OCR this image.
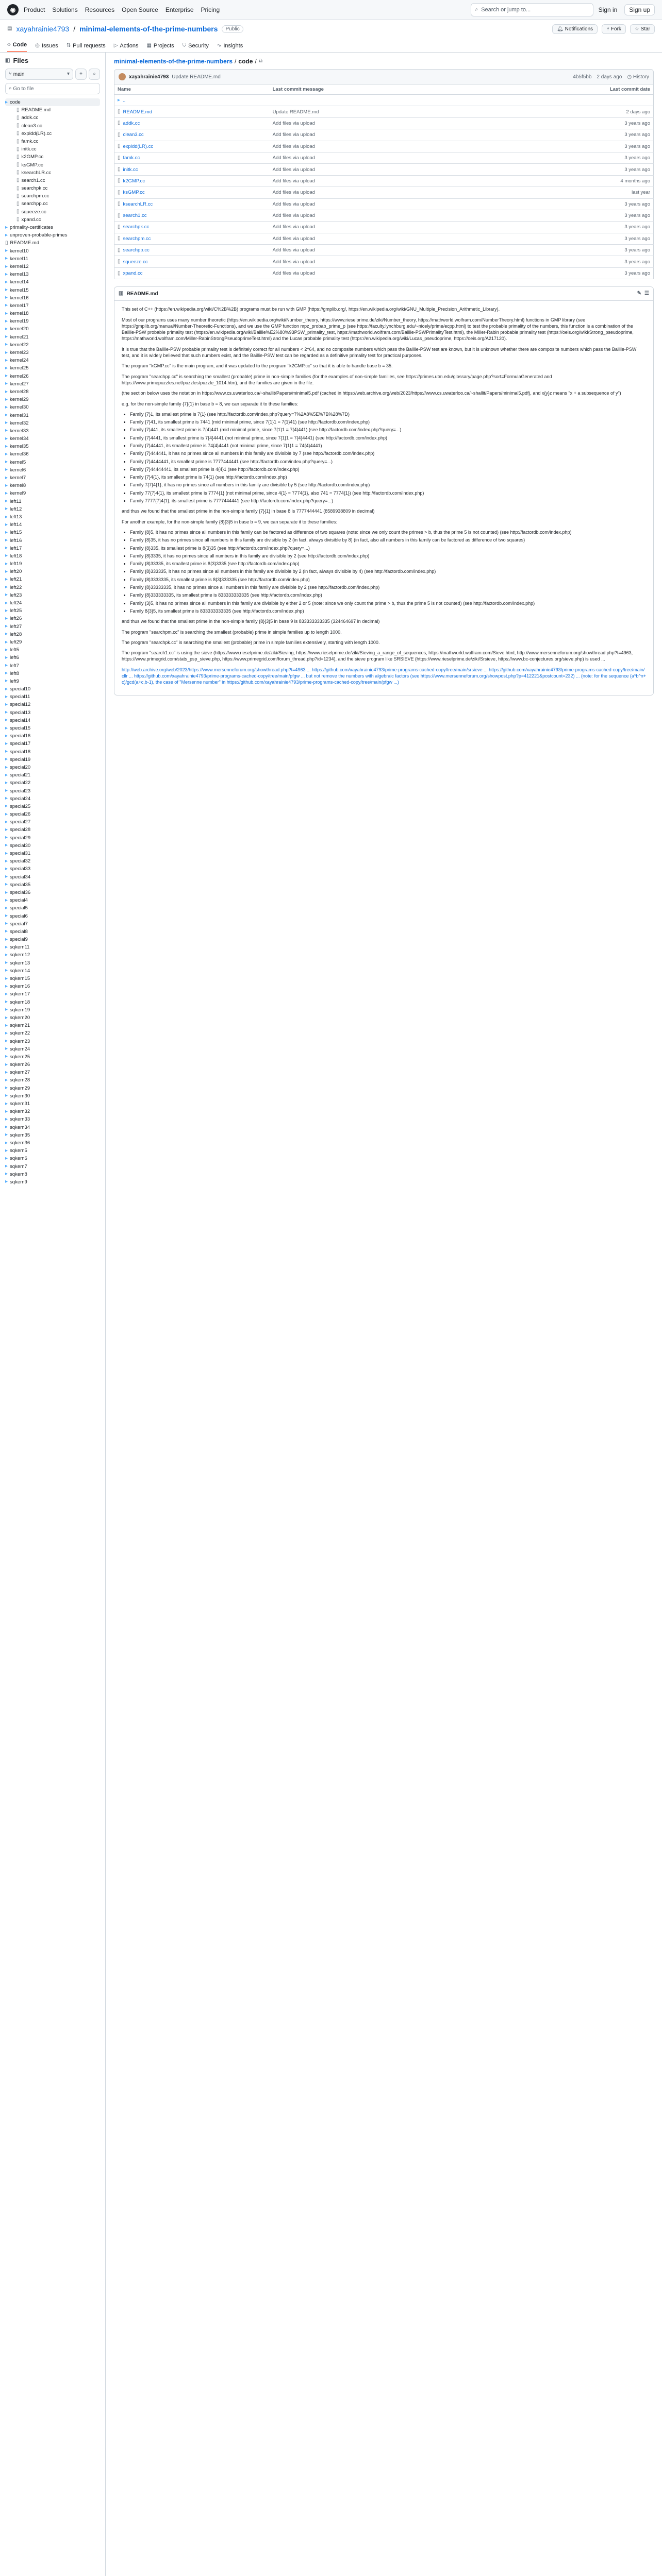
◉	Product Solutions Resources Open Source Enterprise Pricing	⌕ Search or jump to...	Sign in	Sign up
▤ xayahrainie4793 / minimal-elements-of-the-prime-numbers	Public	🔔︎ Notifications	⑂ Fork	☆ Star
‹› Code ◎ Issues ⇅ Pull requests ▷ Actions ▦ Projects ⛉ Security ∿ Insights
◧ Files
⑂
main	▾ + ⌕
⌕
Go to file
▸ code
▯ README.md
▯ addk.cc
▯ clean3.cc
▯ expldd(LR).cc
▯ famk.cc
▯ initk.cc
▯ k2GMP.cc
▯ ksGMP.cc
▯ ksearchLR.cc
▯ search1.cc
▯ searchpk.cc
▯ searchpm.cc
▯ searchpp.cc
▯ squeeze.cc
▯ xpand.cc
▸ primality-certificates
▸ unproven-probable-primes
▯ README.md
▸ kernel10
▸ kernel11
▸ kernel12
▸ kernel13
▸ kernel14
▸ kernel15
▸ kernel16
▸ kernel17
▸ kernel18
▸ kernel19
▸ kernel20
▸ kernel21
▸ kernel22
▸ kernel23
▸ kernel24
▸ kernel25
▸ kernel26
▸ kernel27
▸ kernel28
▸ kernel29
▸ kernel30
▸ kernel31
▸ kernel32
▸ kernel33
▸ kernel34
▸ kernel35
▸ kernel36
▸ kernel5
▸ kernel6
▸ kernel7
▸ kernel8
▸ kernel9
▸ left11
▸ left12
▸ left13
▸ left14
▸ left15
▸ left16
▸ left17
▸ left18
▸ left19
▸ left20
▸ left21
▸ left22
▸ left23
▸ left24
▸ left25
▸ left26
▸ left27
▸ left28
▸ left29
▸ left5
▸ left6
▸ left7
▸ left8
▸ left9
▸ special10
▸ special11
▸ special12
▸ special13
▸ special14
▸ special15
▸ special16
▸ special17
▸ special18
▸ special19
▸ special20
▸ special21
▸ special22
▸ special23
▸ special24
▸ special25
▸ special26
▸ special27
▸ special28
▸ special29
▸ special30
▸ special31
▸ special32
▸ special33
▸ special34
▸ special35
▸ special36
▸ special4
▸ special5
▸ special6
▸ special7
▸ special8
▸ special9
▸ sqkern11
▸ sqkern12
▸ sqkern13
▸ sqkern14
▸ sqkern15
▸ sqkern16
▸ sqkern17
▸ sqkern18
▸ sqkern19
▸ sqkern20
▸ sqkern21
▸ sqkern22
▸ sqkern23
▸ sqkern24
▸ sqkern25
▸ sqkern26
▸ sqkern27
▸ sqkern28
▸ sqkern29
▸ sqkern30
▸ sqkern31
▸ sqkern32
▸ sqkern33
▸ sqkern34
▸ sqkern35
▸ sqkern36
▸ sqkern5
▸ sqkern6
▸ sqkern7
▸ sqkern8
▸ sqkern9
minimal-elements-of-the-prime-numbers / code / ⧉
xayahrainie4793 Update README.md	4b5f5bb 2 days ago ◷ History
Name	Last commit message	Last commit date

▸ ..		

▯ README.md	Update README.md	2 days ago

▯ addk.cc	Add files via upload	3 years ago

▯ clean3.cc	Add files via upload	3 years ago

▯ expldd(LR).cc	Add files via upload	3 years ago

▯ famk.cc	Add files via upload	3 years ago

▯ initk.cc	Add files via upload	3 years ago

▯ k2GMP.cc	Add files via upload	4 months ago

▯ ksGMP.cc	Add files via upload	last year

▯ ksearchLR.cc	Add files via upload	3 years ago

▯ search1.cc	Add files via upload	3 years ago

▯ searchpk.cc	Add files via upload	3 years ago

▯ searchpm.cc	Add files via upload	3 years ago

▯ searchpp.cc	Add files via upload	3 years ago

▯ squeeze.cc	Add files via upload	3 years ago

▯ xpand.cc	Add files via upload	3 years ago
▥ README.md	✎ ☰

This set of C++ (https://en.wikipedia.org/wiki/C%2B%2B) programs must be run with GMP (https://gmplib.org/, https://en.wikipedia.org/wiki/GNU_Multiple_Precision_Arithmetic_Library).

Most of our programs uses many number theoretic (https://en.wikipedia.org/wiki/Number_theory, https://www.rieselprime.de/ziki/Number_theory, https://mathworld.wolfram.com/NumberTheory.html) functions in GMP library (see https://gmplib.org/manual/Number-Theoretic-Functions), and we use the GMP function mpz_probab_prime_p (see https://faculty.lynchburg.edu/~nicely/prime/ecpp.html) to test the probable primality of the numbers, this function is a combination of the Baillie-PSW probable primality test (https://en.wikipedia.org/wiki/Baillie%E2%80%93PSW_primality_test, https://mathworld.wolfram.com/Baillie-PSWPrimalityTest.html), the Miller-Rabin probable primality test (https://oeis.org/wiki/Strong_pseudoprime, https://mathworld.wolfram.com/Miller-RabinStrongPseudoprimeTest.html) and the Lucas probable primality test (https://en.wikipedia.org/wiki/Lucas_pseudoprime, https://oeis.org/A217120).

It is true that the Baillie-PSW probable primality test is definitely correct for all numbers < 2^64, and no composite numbers which pass the Baillie-PSW test are known, but it is unknown whether there are composite numbers which pass the Baillie-PSW test, and it is widely believed that such numbers exist, and the Baillie-PSW test can be regarded as a definitive primality test for practical purposes.

The program "kGMP.cc" is the main program, and it was updated to the program "k2GMP.cc" so that it is able to handle base b = 35.

The program "searchpp.cc" is searching the smallest (probable) prime in non-simple families (for the examples of non-simple families, see https://primes.utm.edu/glossary/page.php?sort=FormulaGenerated and https://www.primepuzzles.net/puzzles/puzzle_1014.htm), and the families are given in the file.

(the section below uses the notation in https://www.cs.uwaterloo.ca/~shallit/Papers/minimal5.pdf (cached in https://web.archive.org/web/2023/https://www.cs.uwaterloo.ca/~shallit/Papers/minimal5.pdf), and x{y}z means "x + a subsequence of y")

e.g. for the non-simple family {7}{1} in base b = 8, we can separate it to these families:

• Family {7}1, its smallest prime is 7{1} (see http://factordb.com/index.php?query=7%2A8%5E%7B%28%7D)
• Family {7}41, its smallest prime is 7441 (mid minimal prime, since 7{1}1 = 7{1}41) (see http://factordb.com/index.php)
• Family {7}441, its smallest prime is 7{4}441 (mid minimal prime, since 7{1}1 = 7{4}441) (see http://factordb.com/index.php?query=...)
• Family {7}4441, its smallest prime is 7{4}4441 (not minimal prime, since 7{1}1 = 7{4}4441) (see http://factordb.com/index.php)
• Family {7}44441, its smallest prime is 74{4}4441 (not minimal prime, since 7{1}1 = 74{4}4441)
• Family {7}444441, it has no primes since all numbers in this family are divisible by 7 (see http://factordb.com/index.php)
• Family {7}4444441, its smallest prime is 7777444441 (see http://factordb.com/index.php?query=...)
• Family {7}44444441, its smallest prime is 4{4}1 (see http://factordb.com/index.php)
• Family {7}4{1}, its smallest prime is 74{1} (see http://factordb.com/index.php)
• Family 7{7}4{1}, it has no primes since all numbers in this family are divisible by 5 (see http://factordb.com/index.php)
• Family 77{7}4{1}, its smallest prime is 7774{1} (not minimal prime, since 4{1} = 7774{1}, also 741 = 7774{1}) (see http://factordb.com/index.php)
• Family 7777{7}4{1}, its smallest prime is 7777444441 (see http://factordb.com/index.php?query=...)

and thus we found that the smallest prime in the non-simple family {7}{1} in base 8 is 7777444441 (8589938809 in decimal)

For another example, for the non-simple family {8}{3}5 in base b = 9, we can separate it to these families:

• Family {8}5, it has no primes since all numbers in this family can be factored as difference of two squares (note: since we only count the primes > b, thus the prime 5 is not counted) (see http://factordb.com/index.php)
• Family {8}35, it has no primes since all numbers in this family are divisible by 2 (in fact, always divisible by 8) (in fact, also all numbers in this family can be factored as difference of two squares)
• Family {8}335, its smallest prime is 8{3}35 (see http://factordb.com/index.php?query=...)
• Family {8}3335, it has no primes since all numbers in this family are divisible by 2 (see http://factordb.com/index.php)
• Family {8}33335, its smallest prime is 8{3}3335 (see http://factordb.com/index.php)
• Family {8}333335, it has no primes since all numbers in this family are divisible by 2 (in fact, always divisible by 4) (see http://factordb.com/index.php)
• Family {8}3333335, its smallest prime is 8{3}333335 (see http://factordb.com/index.php)
• Family {8}33333335, it has no primes since all numbers in this family are divisible by 2 (see http://factordb.com/index.php)
• Family {8}333333335, its smallest prime is 833333333335 (see http://factordb.com/index.php)
• Family {3}5, it has no primes since all numbers in this family are divisible by either 2 or 5 (note: since we only count the prime > b, thus the prime 5 is not counted) (see http://factordb.com/index.php)
• Family 8{3}5, its smallest prime is 833333333335 (see http://factordb.com/index.php)

and thus we found that the smallest prime in the non-simple family {8}{3}5 in base 9 is 833333333335 (324464697 in decimal)

The program "searchpm.cc" is searching the smallest (probable) prime in simple families up to length 1000.

The program "searchpk.cc" is searching the smallest (probable) prime in simple families extensively, starting with length 1000.

The program "search1.cc" is using the sieve (https://www.rieselprime.de/ziki/Sieving, https://www.rieselprime.de/ziki/Sieving_a_range_of_sequences, https://mathworld.wolfram.com/Sieve.html, http://www.mersenneforum.org/showthread.php?t=4963, https://www.primegrid.com/stats_psp_sieve.php, https://www.primegrid.com/forum_thread.php?id=1234), and the sieve program like SRSIEVE (https://www.rieselprime.de/ziki/Srsieve, https://www.bc-conjectures.org/sieve.php) is used ...

http://web.archive.org/web/2023/https://www.mersenneforum.org/showthread.php?t=4963 ... https://github.com/xayahrainie4793/prime-programs-cached-copy/tree/main/srsieve ... https://github.com/xayahrainie4793/prime-programs-cached-copy/tree/main/cllr ... https://github.com/xayahrainie4793/prime-programs-cached-copy/tree/main/pfgw ... but not remove the numbers with algebraic factors (see https://www.mersenneforum.org/showpost.php?p=412221&postcount=232) ... (note: for the sequence (a*b^n+c)/gcd(a+c,b-1), the case of "Mersenne number" in https://github.com/xayahrainie4793/prime-programs-cached-copy/tree/main/pfgw ...)
